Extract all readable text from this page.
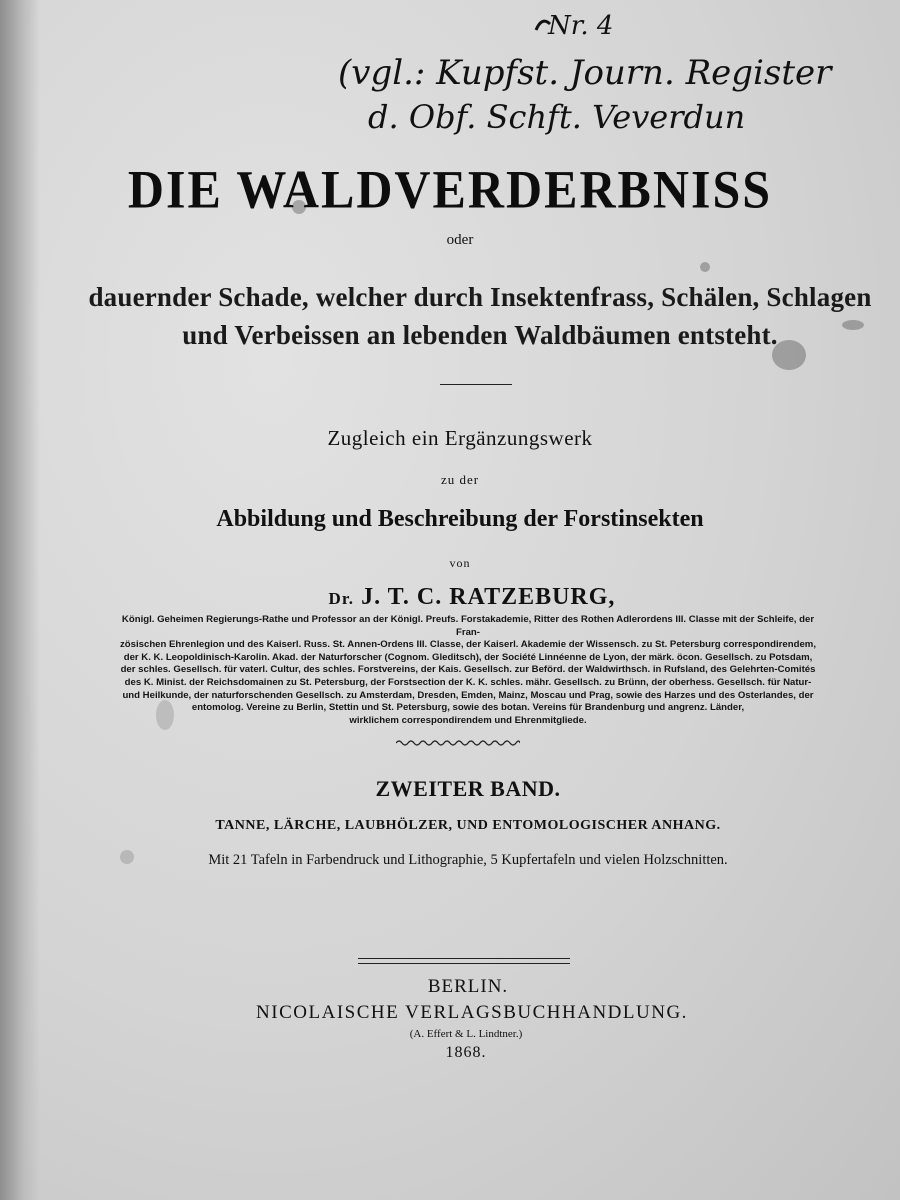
Nr. 4
(vgl.: Kupfst. Journ. Register
d. Obf. Schft. Veverdun
DIE WALDVERDERBNISS
oder
dauernder Schade, welcher durch Insektenfrass, Schälen, Schlagen
und Verbeissen an lebenden Waldbäumen entsteht.
Zugleich ein Ergänzungswerk
zu der
Abbildung und Beschreibung der Forstinsekten
von
Dr. J. T. C. RATZEBURG,
Königl. Geheimen Regierungs-Rathe und Professor an der Königl. Preufs. Forstakademie, Ritter des Rothen Adlerordens III. Classe mit der Schleife, der Fran-
zösischen Ehrenlegion und des Kaiserl. Russ. St. Annen-Ordens III. Classe, der Kaiserl. Akademie der Wissensch. zu St. Petersburg correspondirendem,
der K. K. Leopoldinisch-Karolin. Akad. der Naturforscher (Cognom. Gleditsch), der Société Linnéenne de Lyon, der märk. öcon. Gesellsch. zu Potsdam,
der schles. Gesellsch. für vaterl. Cultur, des schles. Forstvereins, der Kais. Gesellsch. zur Beförd. der Waldwirthsch. in Rufsland, des Gelehrten-Comités
des K. Minist. der Reichsdomainen zu St. Petersburg, der Forstsection der K. K. schles. mähr. Gesellsch. zu Brünn, der oberhess. Gesellsch. für Natur-
und Heilkunde, der naturforschenden Gesellsch. zu Amsterdam, Dresden, Emden, Mainz, Moscau und Prag, sowie des Harzes und des Osterlandes, der
entomolog. Vereine zu Berlin, Stettin und St. Petersburg, sowie des botan. Vereins für Brandenburg und angrenz. Länder,
wirklichem correspondirendem und Ehrenmitgliede.
ZWEITER BAND.
TANNE, LÄRCHE, LAUBHÖLZER, UND ENTOMOLOGISCHER ANHANG.
Mit 21 Tafeln in Farbendruck und Lithographie, 5 Kupfertafeln und vielen Holzschnitten.
BERLIN.
NICOLAISCHE VERLAGSBUCHHANDLUNG.
(A. Effert & L. Lindtner.)
1868.
